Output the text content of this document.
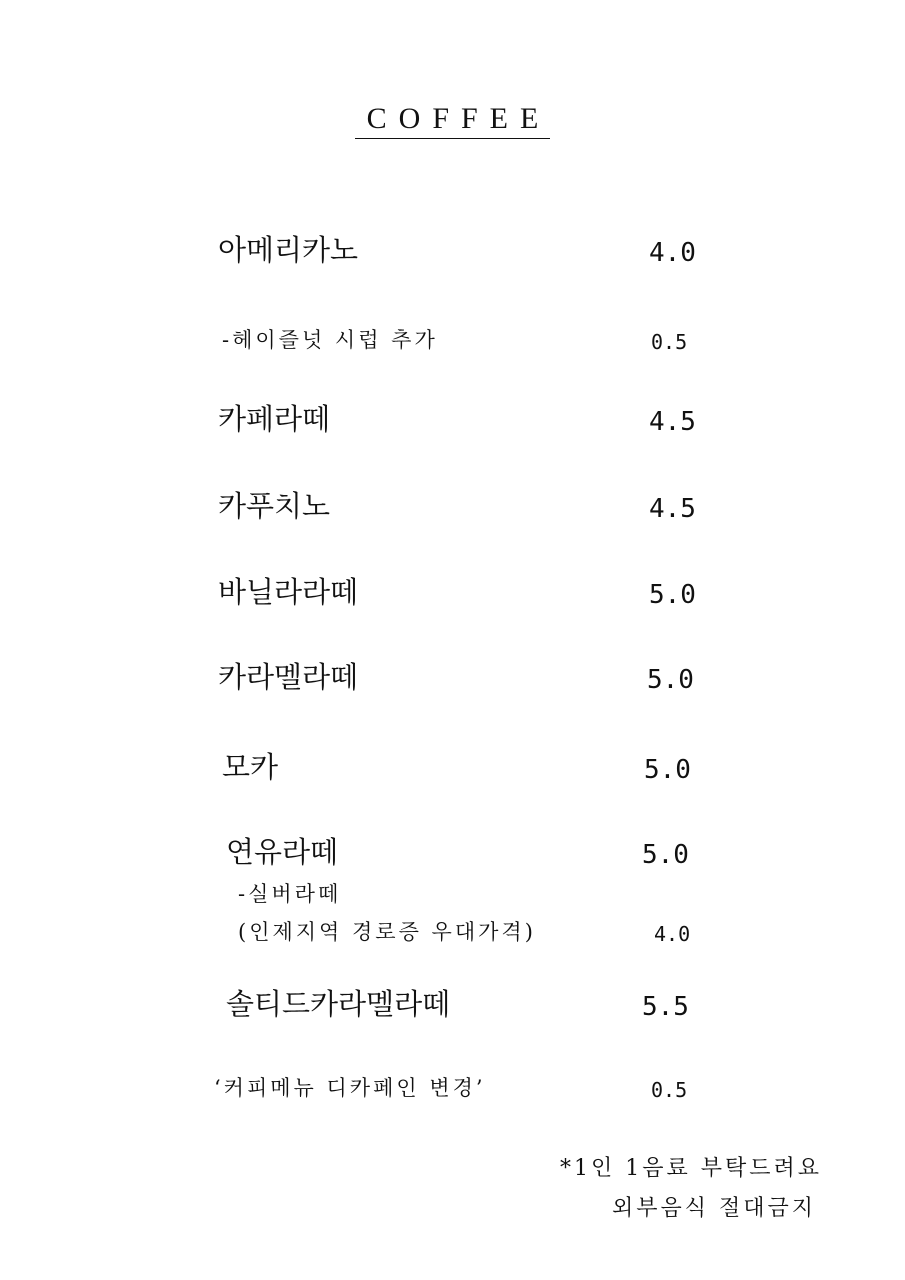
COFFEE
아메리카노	4.0
-헤이즐넛 시럽 추가	0.5
카페라떼	4.5
카푸치노	4.5
바닐라라떼	5.0
카라멜라떼	5.0
모카	5.0
연유라떼	5.0
-실버라떼
(인제지역 경로증 우대가격)	4.0
솔티드카라멜라떼	5.5
‘커피메뉴 디카페인 변경’	0.5
*1인 1음료 부탁드려요
외부음식 절대금지
